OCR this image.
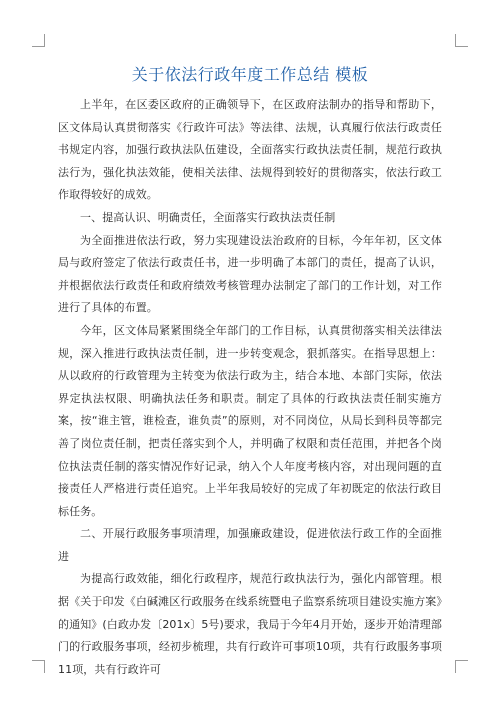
关于依法行政年度工作总结 模板

上半年，在区委区政府的正确领导下，在区政府法制办的指导和帮助下，区文体局认真贯彻落实《行政许可法》等法律、法规，认真履行依法行政责任书规定内容，加强行政执法队伍建设，全面落实行政执法责任制，规范行政执法行为，强化执法效能，使相关法律、法规得到较好的贯彻落实，依法行政工作取得较好的成效。

一、提高认识、明确责任，全面落实行政执法责任制

为全面推进依法行政，努力实现建设法治政府的目标，今年年初，区文体局与政府签定了依法行政责任书，进一步明确了本部门的责任，提高了认识，并根据依法行政责任和政府绩效考核管理办法制定了部门的工作计划，对工作进行了具体的布置。

今年，区文体局紧紧围绕全年部门的工作目标，认真贯彻落实相关法律法规，深入推进行政执法责任制，进一步转变观念，狠抓落实。在指导思想上：从以政府的行政管理为主转变为依法行政为主，结合本地、本部门实际，依法界定执法权限、明确执法任务和职责。制定了具体的行政执法责任制实施方案，按“谁主管，谁检查，谁负责”的原则，对不同岗位，从局长到科员等都完善了岗位责任制，把责任落实到个人，并明确了权限和责任范围，并把各个岗位执法责任制的落实情况作好记录，纳入个人年度考核内容，对出现问题的直接责任人严格进行责任追究。上半年我局较好的完成了年初既定的依法行政目标任务。

二、开展行政服务事项清理，加强廉政建设，促进依法行政工作的全面推进

为提高行政效能，细化行政程序，规范行政执法行为，强化内部管理。根据《关于印发《白碱滩区行政服务在线系统暨电子监察系统项目建设实施方案》的通知》(白政办发〔201x〕5号)要求，我局于今年4月开始，逐步开始清理部门的行政服务事项，经初步梳理，共有行政许可事项10项，共有行政服务事项11项，共有行政许可
